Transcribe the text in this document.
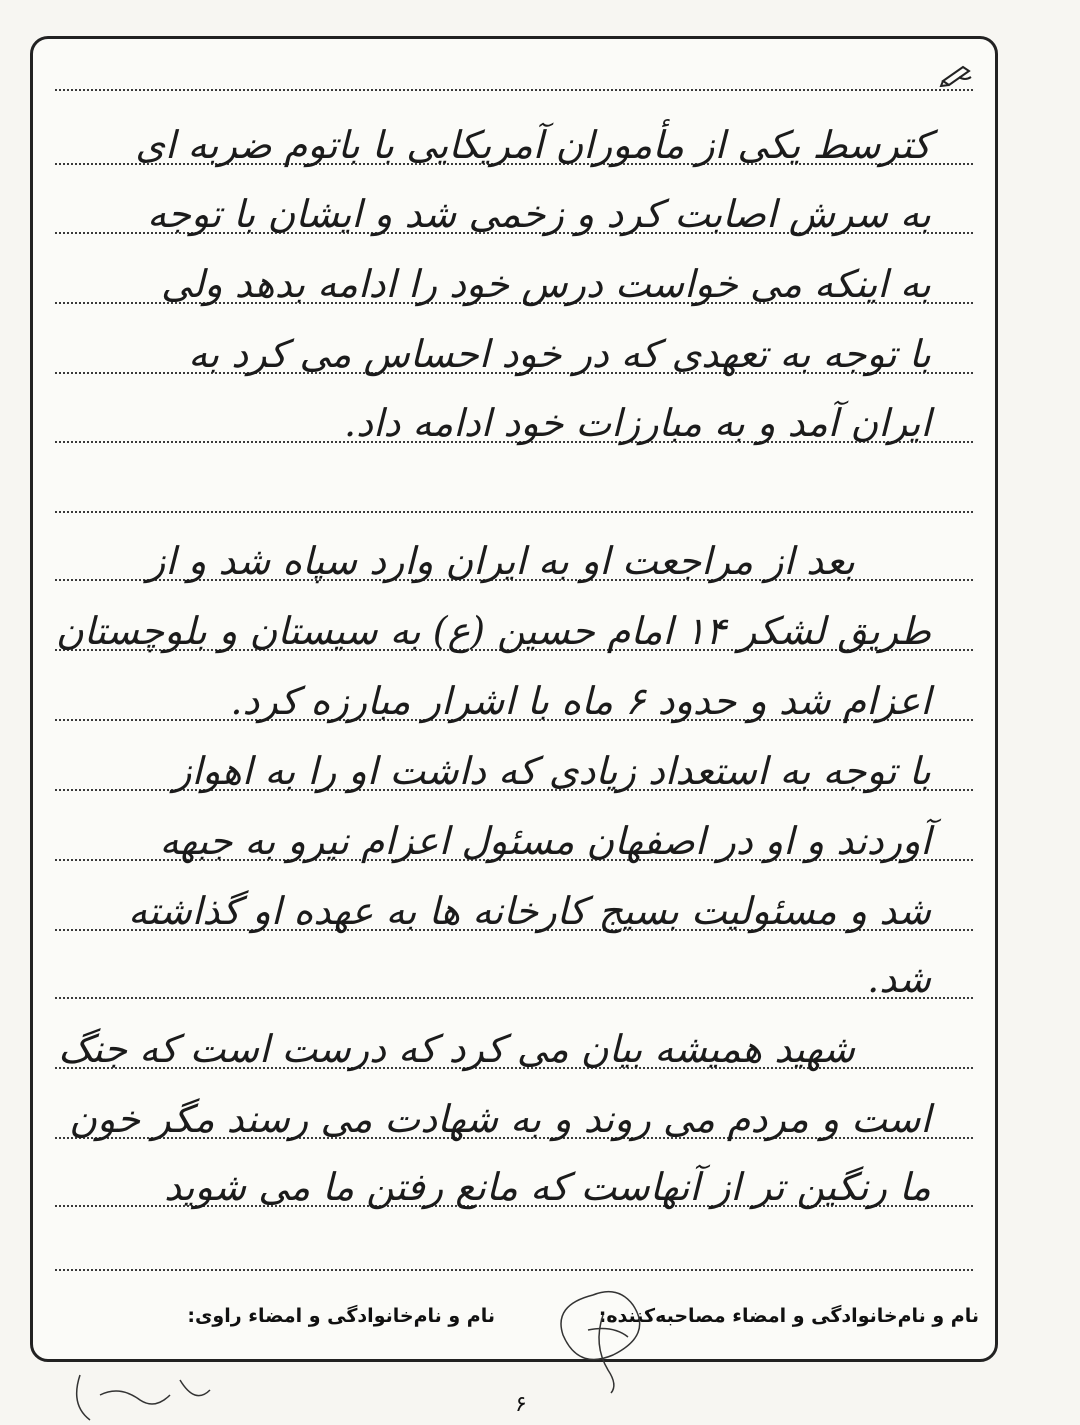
کترسط یکی از مأموران آمریکایی با باتوم ضربه ای
به سرش اصابت کرد و زخمی شد و ایشان با توجه
به اینکه می خواست درس خود را ادامه بدهد ولی
با توجه به تعهدی که در خود احساس می کرد به
ایران آمد و به مبارزات خود ادامه داد.
بعد از مراجعت او به ایران وارد سپاه شد و از
طریق لشکر ۱۴ امام حسین (ع) به سیستان و بلوچستان
اعزام شد و حدود ۶ ماه با اشرار مبارزه کرد.
با توجه به استعداد زیادی که داشت او را به اهواز
آوردند و او در اصفهان مسئول اعزام نیرو به جبهه
شد و مسئولیت بسیج کارخانه ها به عهده او گذاشته
شد.
شهید همیشه بیان می کرد که درست است که جنگ
است و مردم می روند و به شهادت می رسند مگر خون
ما رنگین تر از آنهاست که مانع رفتن ما می شوید
نام و نام‌خانوادگی و امضاء مصاحبه‌کننده:
نام و نام‌خانوادگی و امضاء راوی:
۶
